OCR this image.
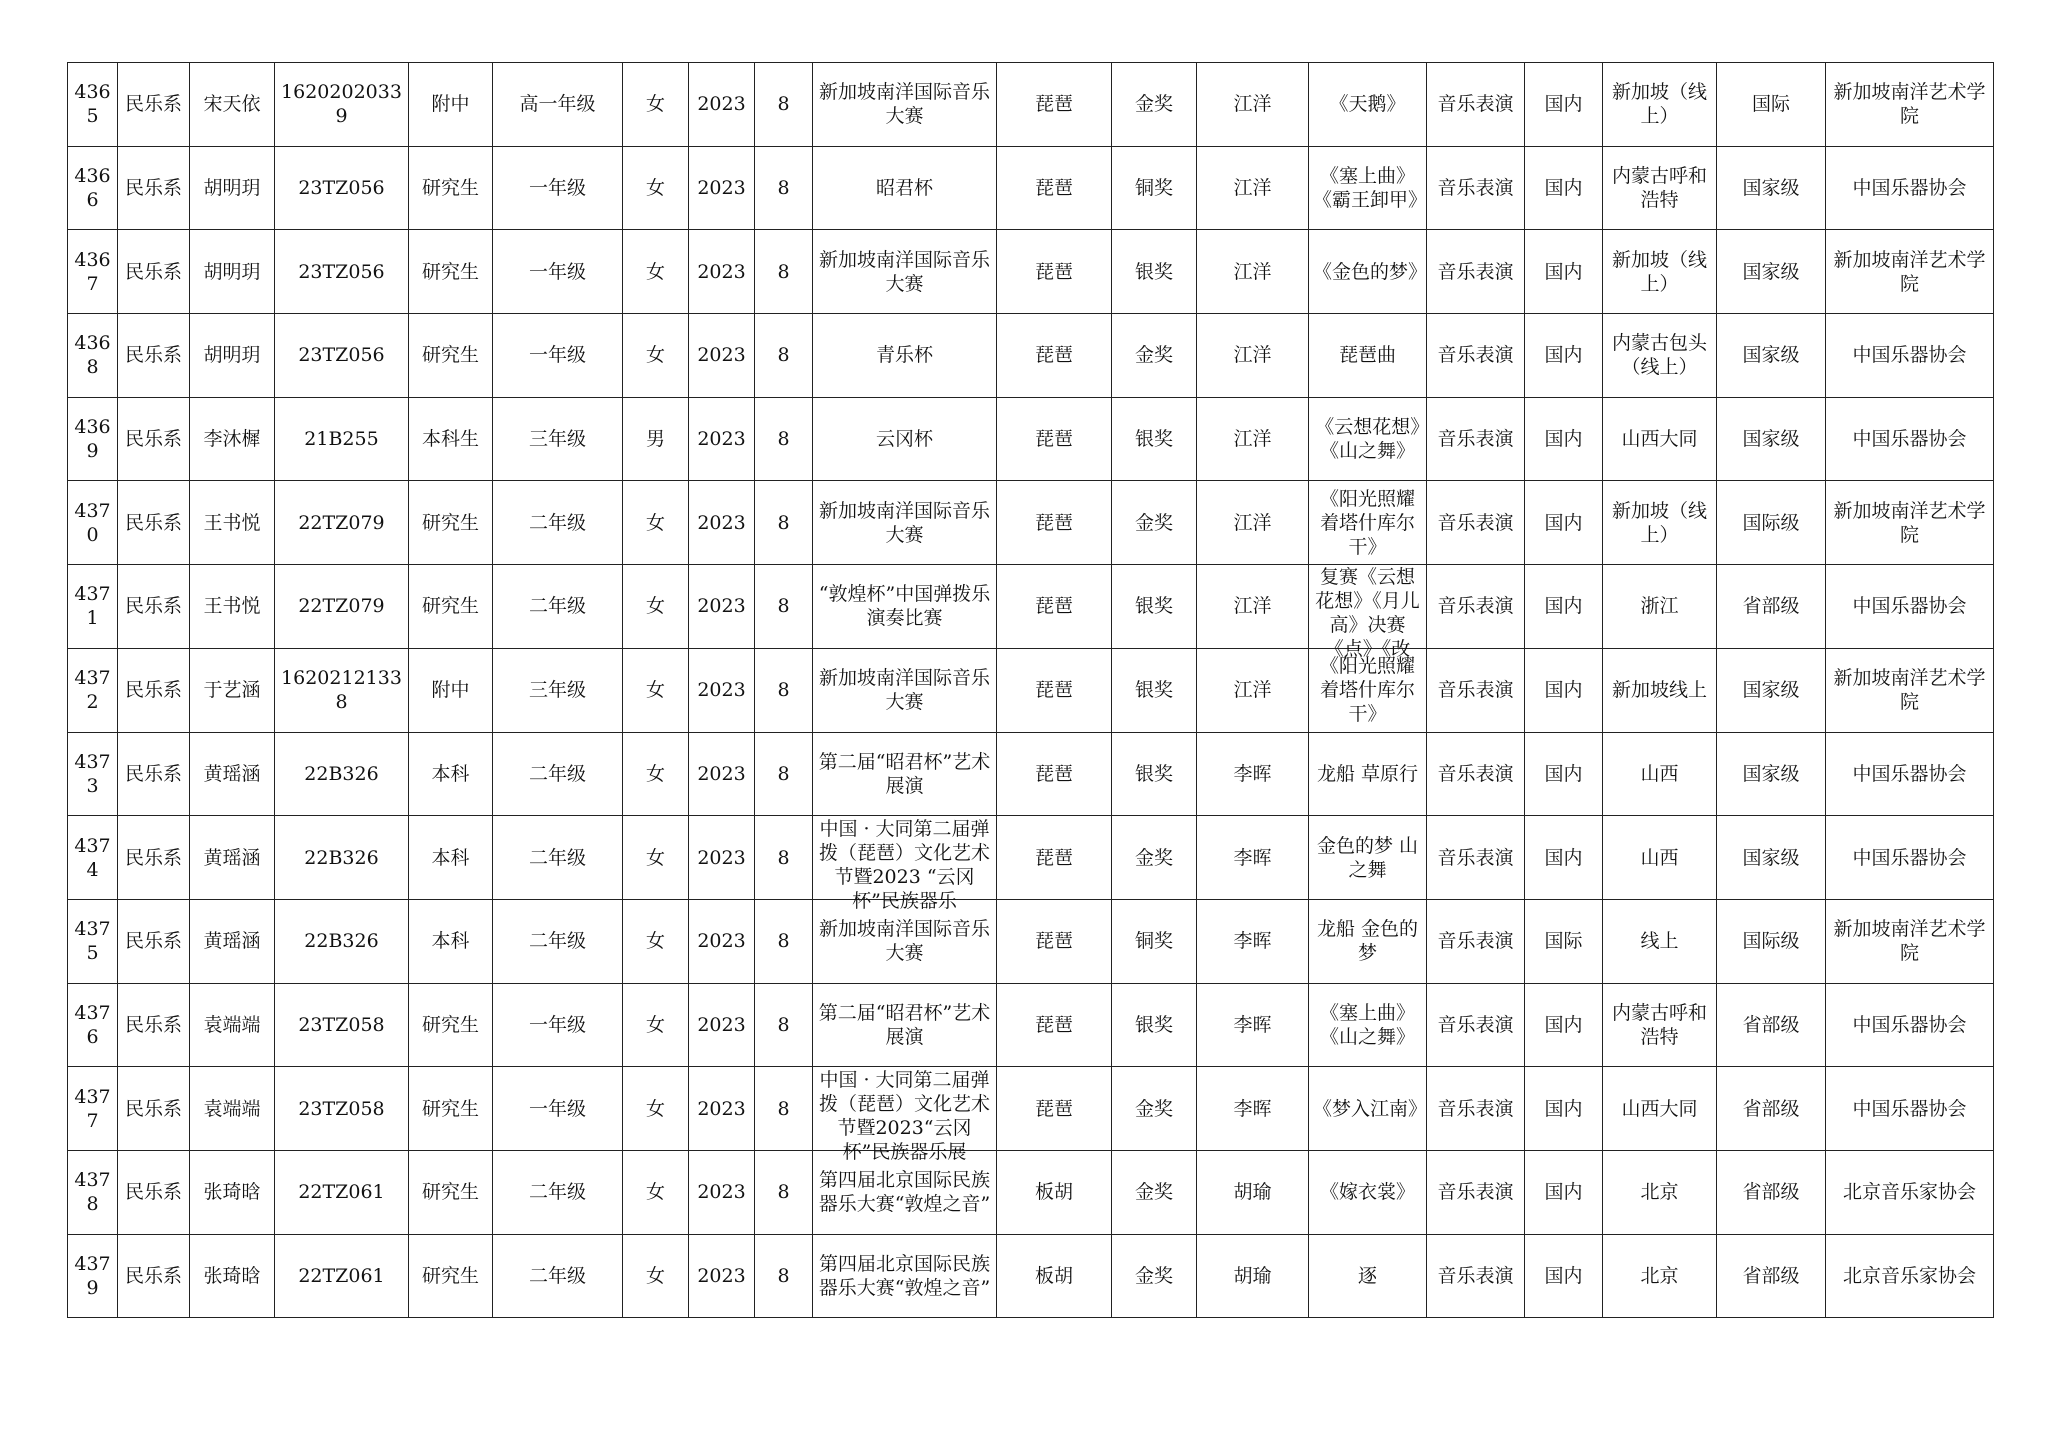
4365	民乐系	宋天依	16202020339	附中	高一年级	女	2023	8	新加坡南洋国际音乐大赛	琵琶	金奖	江洋	《天鹅》	音乐表演	国内	新加坡（线上）	国际	新加坡南洋艺术学院

4366	民乐系	胡明玥	23TZ056	研究生	一年级	女	2023	8	昭君杯	琵琶	铜奖	江洋	《塞上曲》《霸王卸甲》	音乐表演	国内	内蒙古呼和浩特	国家级	中国乐器协会

4367	民乐系	胡明玥	23TZ056	研究生	一年级	女	2023	8	新加坡南洋国际音乐大赛	琵琶	银奖	江洋	《金色的梦》	音乐表演	国内	新加坡（线上）	国家级	新加坡南洋艺术学院

4368	民乐系	胡明玥	23TZ056	研究生	一年级	女	2023	8	青乐杯	琵琶	金奖	江洋	琵琶曲	音乐表演	国内	内蒙古包头（线上）	国家级	中国乐器协会

4369	民乐系	李沐樨	21B255	本科生	三年级	男	2023	8	云冈杯	琵琶	银奖	江洋	《云想花想》《山之舞》	音乐表演	国内	山西大同	国家级	中国乐器协会

4370	民乐系	王书悦	22TZ079	研究生	二年级	女	2023	8	新加坡南洋国际音乐大赛	琵琶	金奖	江洋	《阳光照耀着塔什库尔干》	音乐表演	国内	新加坡（线上）	国际级	新加坡南洋艺术学院

4371	民乐系	王书悦	22TZ079	研究生	二年级	女	2023	8	“敦煌杯”中国弹拨乐演奏比赛	琵琶	银奖	江洋	复赛《云想花想》《月儿高》决赛《点》《改	音乐表演	国内	浙江	省部级	中国乐器协会

4372	民乐系	于艺涵	16202121338	附中	三年级	女	2023	8	新加坡南洋国际音乐大赛	琵琶	银奖	江洋	《阳光照耀着塔什库尔干》	音乐表演	国内	新加坡线上	国家级	新加坡南洋艺术学院

4373	民乐系	黄瑶涵	22B326	本科	二年级	女	2023	8	第二届“昭君杯”艺术展演	琵琶	银奖	李晖	龙船 草原行	音乐表演	国内	山西	国家级	中国乐器协会

4374	民乐系	黄瑶涵	22B326	本科	二年级	女	2023	8	中国 · 大同第二届弹拨（琵琶）文化艺术节暨2023 “云冈杯”民族器乐	琵琶	金奖	李晖	金色的梦 山之舞	音乐表演	国内	山西	国家级	中国乐器协会

4375	民乐系	黄瑶涵	22B326	本科	二年级	女	2023	8	新加坡南洋国际音乐大赛	琵琶	铜奖	李晖	龙船 金色的梦	音乐表演	国际	线上	国际级	新加坡南洋艺术学院

4376	民乐系	袁端端	23TZ058	研究生	一年级	女	2023	8	第二届“昭君杯”艺术展演	琵琶	银奖	李晖	《塞上曲》《山之舞》	音乐表演	国内	内蒙古呼和浩特	省部级	中国乐器协会

4377	民乐系	袁端端	23TZ058	研究生	一年级	女	2023	8	中国 · 大同第二届弹拨（琵琶）文化艺术节暨2023“云冈杯”民族器乐展	琵琶	金奖	李晖	《梦入江南》	音乐表演	国内	山西大同	省部级	中国乐器协会

4378	民乐系	张琦晗	22TZ061	研究生	二年级	女	2023	8	第四届北京国际民族器乐大赛“敦煌之音”	板胡	金奖	胡瑜	《嫁衣裳》	音乐表演	国内	北京	省部级	北京音乐家协会

4379	民乐系	张琦晗	22TZ061	研究生	二年级	女	2023	8	第四届北京国际民族器乐大赛“敦煌之音”	板胡	金奖	胡瑜	逐	音乐表演	国内	北京	省部级	北京音乐家协会
